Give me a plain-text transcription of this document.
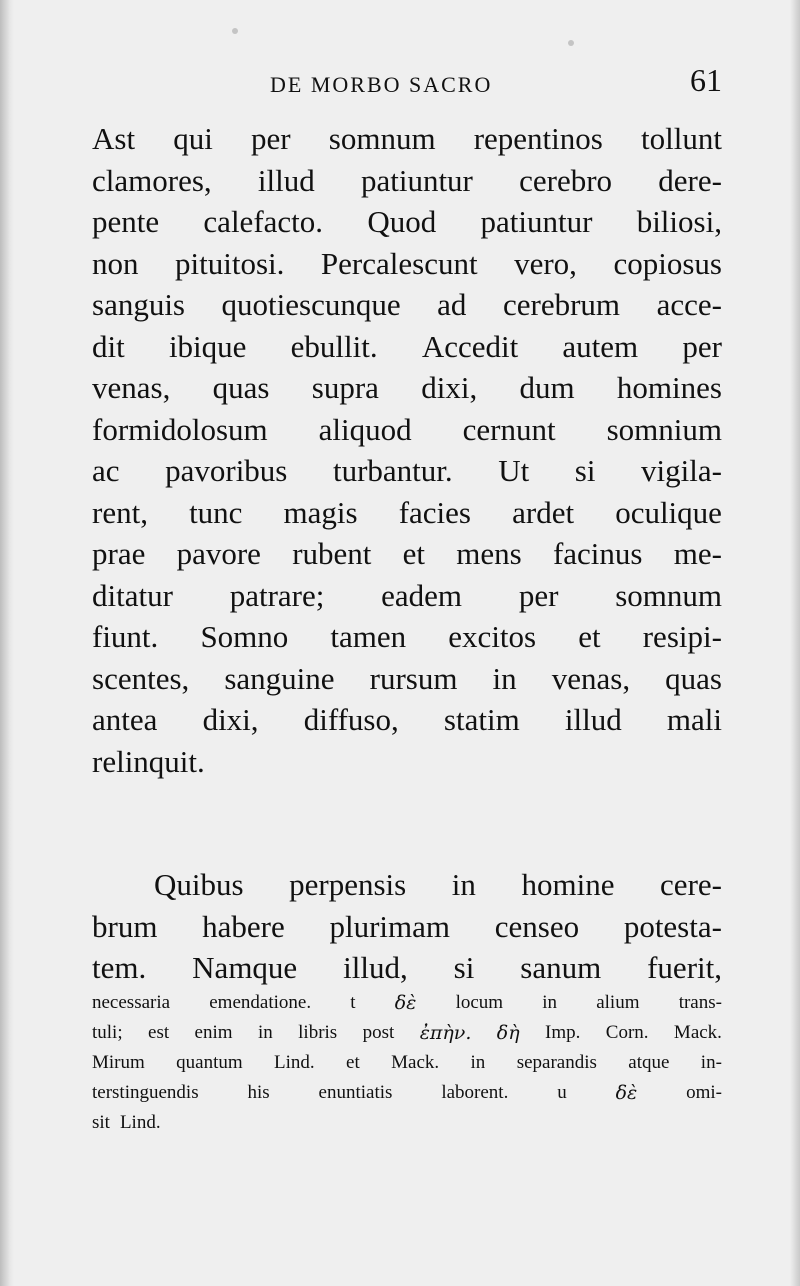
DE MORBO SACRO	61
Ast qui per somnum repentinos tollunt
clamores, illud patiuntur cerebro dere-
pente calefacto. Quod patiuntur biliosi,
non pituitosi. Percalescunt vero, copiosus
sanguis quotiescunque ad cerebrum acce-
dit ibique ebullit. Accedit autem per
venas, quas supra dixi, dum homines
formidolosum aliquod cernunt somnium
ac pavoribus turbantur. Ut si vigila-
rent, tunc magis facies ardet oculique
prae pavore rubent et mens facinus me-
ditatur patrare; eadem per somnum
fiunt. Somno tamen excitos et resipi-
scentes, sanguine rursum in venas, quas
antea dixi, diffuso, statim illud mali
relinquit.
Quibus perpensis in homine cere-
brum habere plurimam censeo potesta-
tem. Namque illud, si sanum fuerit,
necessaria emendatione. t δὲ locum in alium trans-
tuli; est enim in libris post ἐπὴν. δὴ Imp. Corn. Mack.
Mirum quantum Lind. et Mack. in separandis atque in-
terstinguendis	his	enuntiatis	laborent.	u	δὲ	omi-
sit Lind.
